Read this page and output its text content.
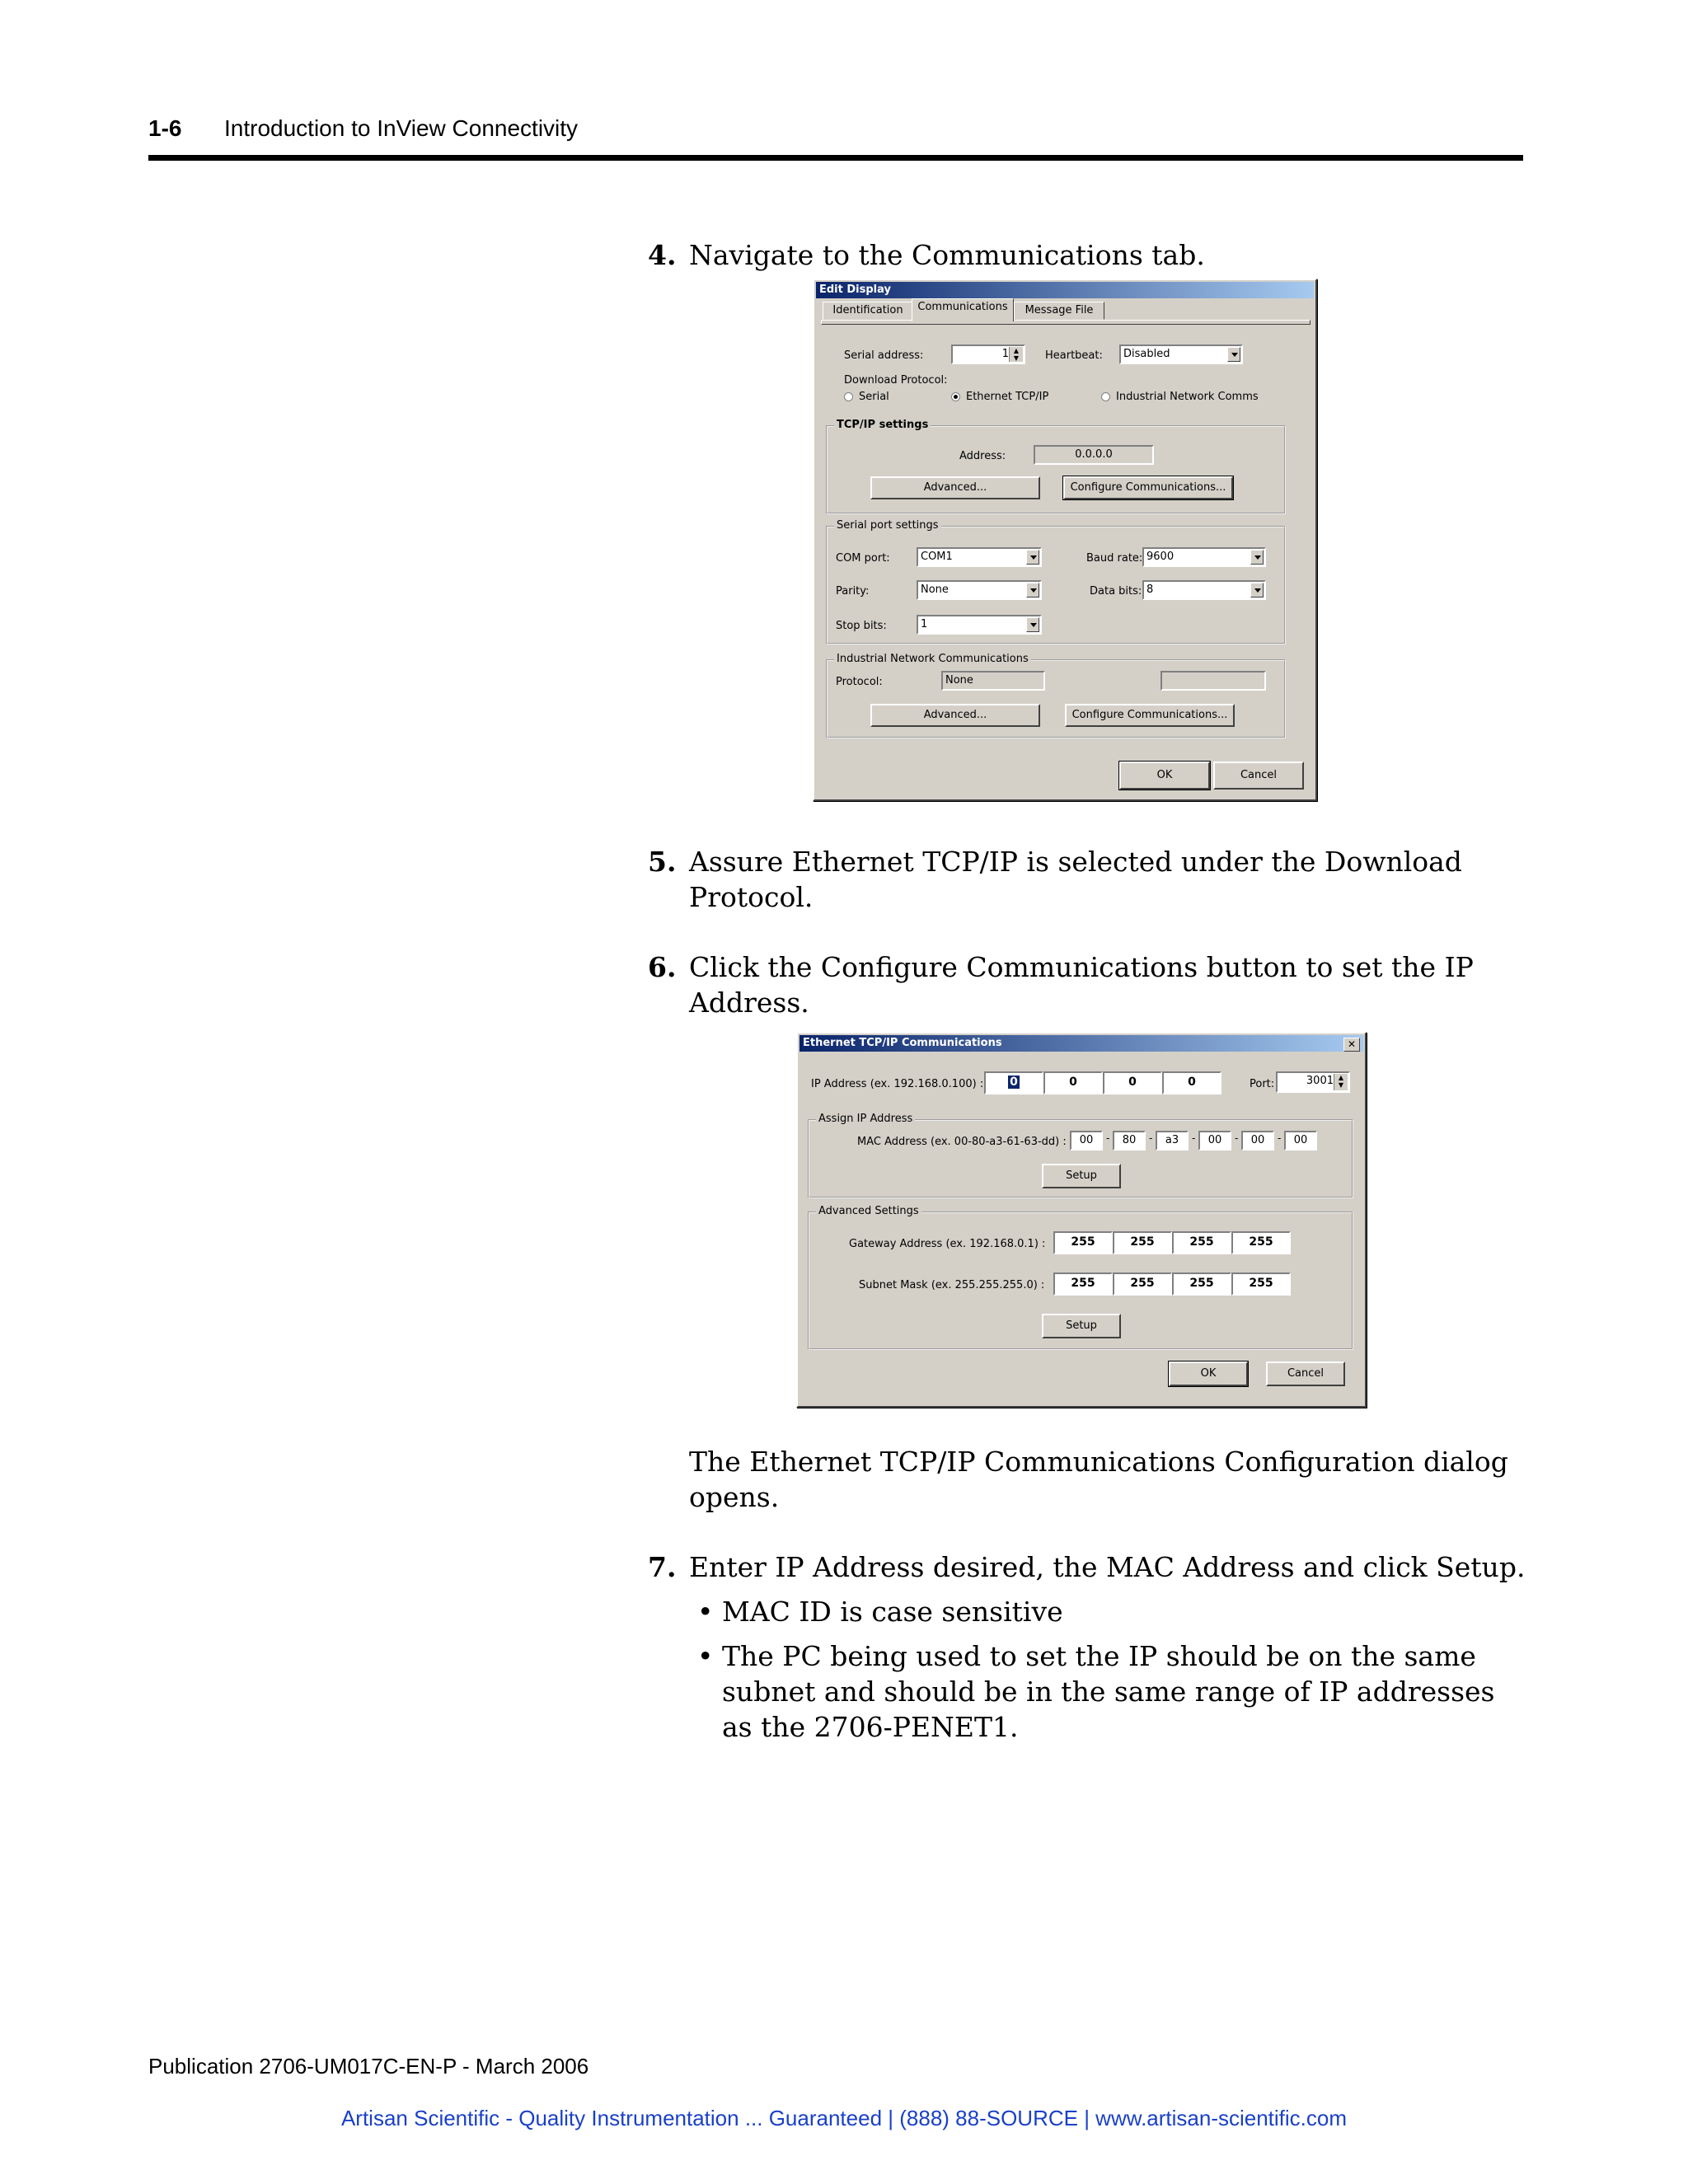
1-6 Introduction to InView Connectivity
4. Navigate to the Communications tab.
Edit Display
Identification	Communications	Message File
Serial address:	1 ▲
▼	Heartbeat:	Disabled
Download Protocol:
Serial	Ethernet TCP/IP	Industrial Network Comms
TCP/IP settings
Address:	0.0.0.0
Advanced...	Configure Communications...
Serial port settings
COM port:	COM1	Baud rate: 9600
Parity:	None	Data bits: 8
Stop bits:	1
Industrial Network Communications
Protocol:	None
Advanced...	Configure Communications...
OK	Cancel
5. Assure Ethernet TCP/IP is selected under the Download Protocol.
6. Click the Configure Communications button to set the IP Address.
Ethernet TCP/IP Communications	✕
IP Address (ex. 192.168.0.100) :	0	0	0	0	Port:	3001 ▲
▼
Assign IP Address
MAC Address (ex. 00-80-a3-61-63-dd) :	00	-	80	-	a3	-	00	-	00	-	00
Setup
Advanced Settings
Gateway Address (ex. 192.168.0.1) :	255	255	255	255
Subnet Mask (ex. 255.255.255.0) :	255	255	255	255
Setup
OK	Cancel
The Ethernet TCP/IP Communications Configuration dialog opens.
7. Enter IP Address desired, the MAC Address and click Setup.
• MAC ID is case sensitive
• The PC being used to set the IP should be on the same subnet and should be in the same range of IP addresses as the 2706-PENET1.
Publication 2706-UM017C-EN-P - March 2006
Artisan Scientific - Quality Instrumentation ... Guaranteed | (888) 88-SOURCE | www.artisan-scientific.com
